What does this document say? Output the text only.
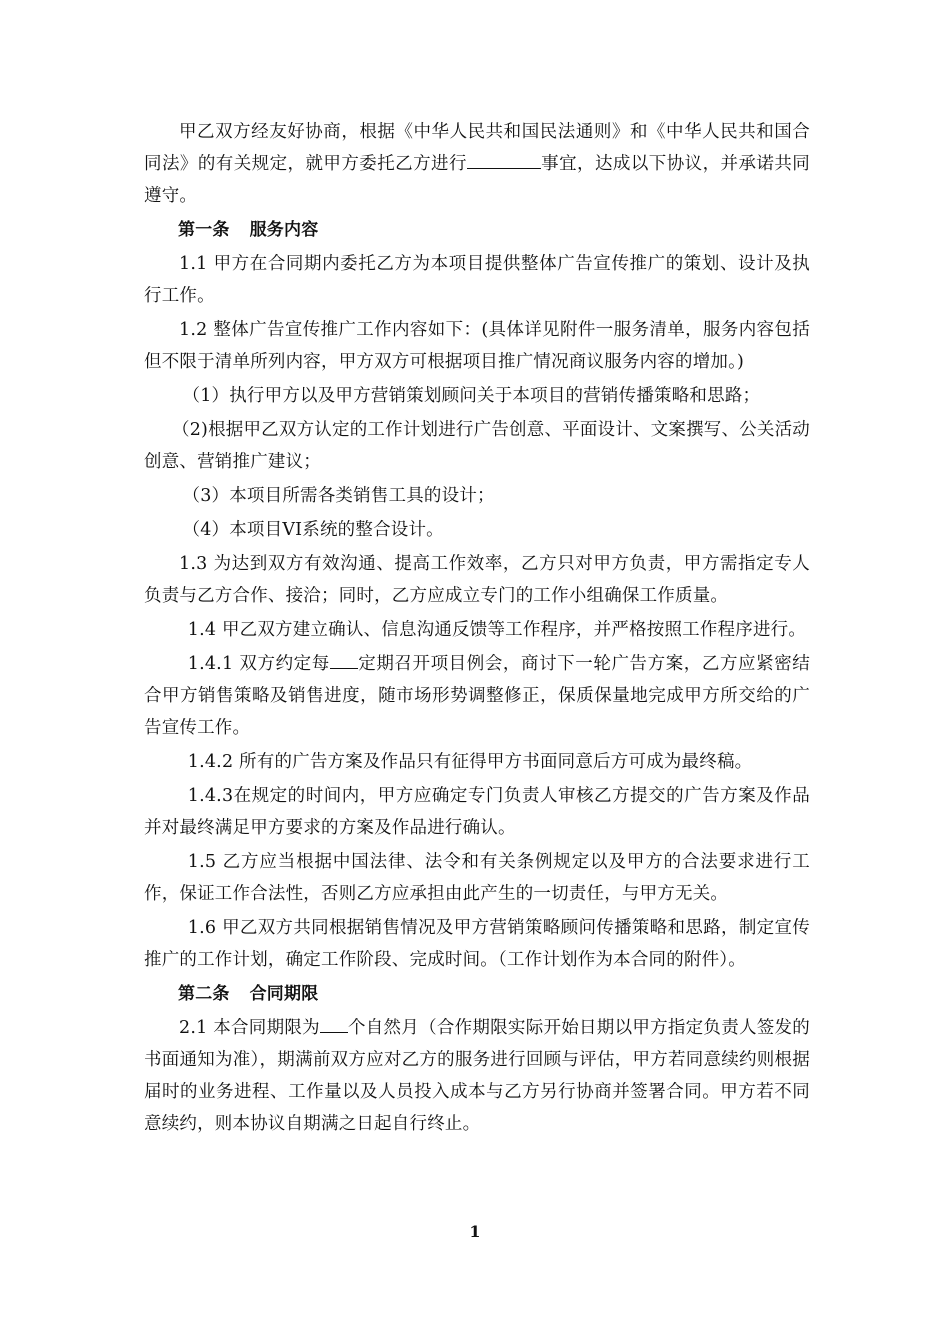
甲乙双方经友好协商，根据《中华人民共和国民法通则》和《中华人民共和国合同法》的有关规定，就甲方委托乙方进行	事宜，达成以下协议，并承诺共同遵守。

第一条 服务内容

1.1 甲方在合同期内委托乙方为本项目提供整体广告宣传推广的策划、设计及执行工作。

1.2 整体广告宣传推广工作内容如下：(具体详见附件一服务清单，服务内容包括但不限于清单所列内容，甲方双方可根据项目推广情况商议服务内容的增加。)

（1）执行甲方以及甲方营销策划顾问关于本项目的营销传播策略和思路；

（2)根据甲乙双方认定的工作计划进行广告创意、平面设计、文案撰写、公关活动创意、营销推广建议；

（3）本项目所需各类销售工具的设计；

（4）本项目VI系统的整合设计。

1.3 为达到双方有效沟通、提高工作效率，乙方只对甲方负责，甲方需指定专人负责与乙方合作、接洽；同时，乙方应成立专门的工作小组确保工作质量。

1.4 甲乙双方建立确认、信息沟通反馈等工作程序，并严格按照工作程序进行。

1.4.1 双方约定每 定期召开项目例会，商讨下一轮广告方案，乙方应紧密结合甲方销售策略及销售进度，随市场形势调整修正，保质保量地完成甲方所交给的广告宣传工作。

1.4.2 所有的广告方案及作品只有征得甲方书面同意后方可成为最终稿。

1.4.3在规定的时间内，甲方应确定专门负责人审核乙方提交的广告方案及作品并对最终满足甲方要求的方案及作品进行确认。

1.5 乙方应当根据中国法律、法令和有关条例规定以及甲方的合法要求进行工作，保证工作合法性，否则乙方应承担由此产生的一切责任，与甲方无关。

1.6 甲乙双方共同根据销售情况及甲方营销策略顾问传播策略和思路，制定宣传推广的工作计划，确定工作阶段、完成时间。（工作计划作为本合同的附件）。

第二条 合同期限

2.1 本合同期限为 个自然月（合作期限实际开始日期以甲方指定负责人签发的书面通知为准），期满前双方应对乙方的服务进行回顾与评估，甲方若同意续约则根据届时的业务进程、工作量以及人员投入成本与乙方另行协商并签署合同。甲方若不同意续约，则本协议自期满之日起自行终止。

1
